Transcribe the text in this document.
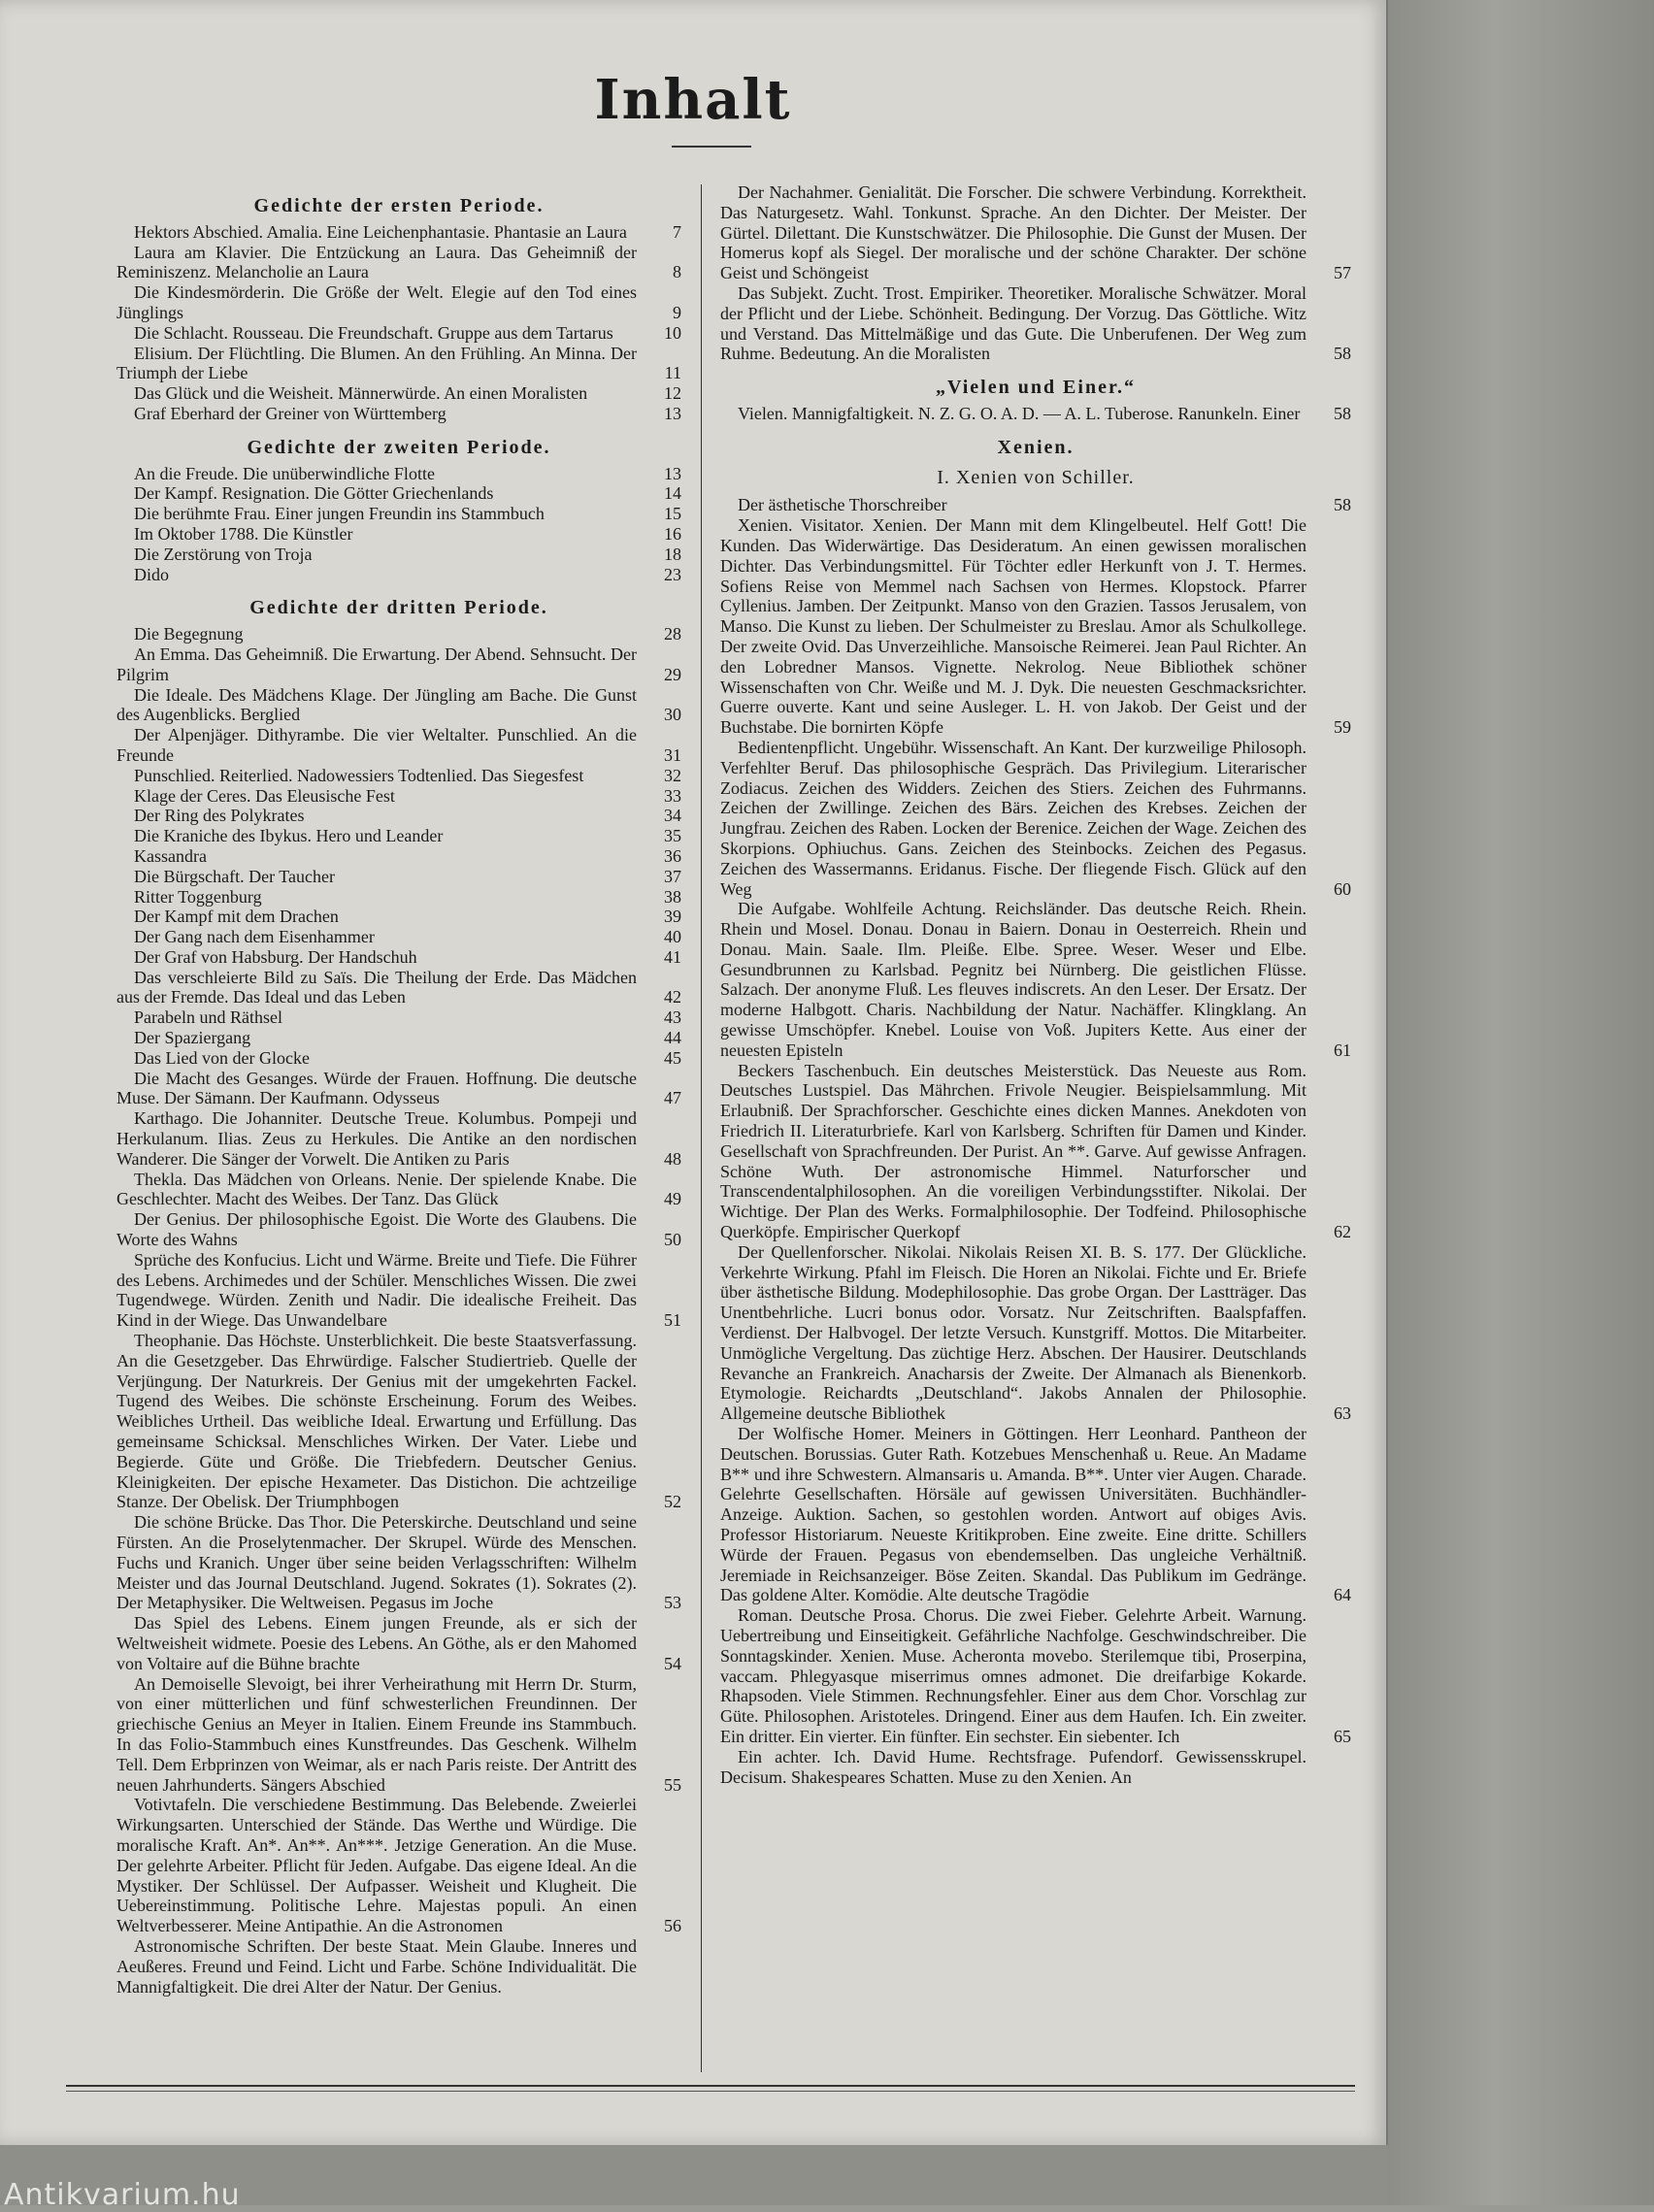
Inhalt
Gedichte der ersten Periode.
Hektors Abschied. Amalia. Eine Leichenphantasie. Phantasie an Laura	7
Laura am Klavier. Die Entzückung an Laura. Das Geheimniß der Reminiszenz. Melancholie an Laura	8
Die Kindesmörderin. Die Größe der Welt. Elegie auf den Tod eines Jünglings	9
Die Schlacht. Rousseau. Die Freundschaft. Gruppe aus dem Tartarus	10
Elisium. Der Flüchtling. Die Blumen. An den Frühling. An Minna. Der Triumph der Liebe	11
Das Glück und die Weisheit. Männerwürde. An einen Moralisten	12
Graf Eberhard der Greiner von Württemberg	13
Gedichte der zweiten Periode.
An die Freude. Die unüberwindliche Flotte	13
Der Kampf. Resignation. Die Götter Griechenlands	14
Die berühmte Frau. Einer jungen Freundin ins Stammbuch	15
Im Oktober 1788. Die Künstler	16
Die Zerstörung von Troja	18
Dido	23
Gedichte der dritten Periode.
Die Begegnung	28
An Emma. Das Geheimniß. Die Erwartung. Der Abend. Sehnsucht. Der Pilgrim	29
Die Ideale. Des Mädchens Klage. Der Jüngling am Bache. Die Gunst des Augenblicks. Berglied	30
Der Alpenjäger. Dithyrambe. Die vier Weltalter. Punschlied. An die Freunde	31
Punschlied. Reiterlied. Nadowessiers Todtenlied. Das Siegesfest	32
Klage der Ceres. Das Eleusische Fest	33
Der Ring des Polykrates	34
Die Kraniche des Ibykus. Hero und Leander	35
Kassandra	36
Die Bürgschaft. Der Taucher	37
Ritter Toggenburg	38
Der Kampf mit dem Drachen	39
Der Gang nach dem Eisenhammer	40
Der Graf von Habsburg. Der Handschuh	41
Das verschleierte Bild zu Saïs. Die Theilung der Erde. Das Mädchen aus der Fremde. Das Ideal und das Leben	42
Parabeln und Räthsel	43
Der Spaziergang	44
Das Lied von der Glocke	45
Die Macht des Gesanges. Würde der Frauen. Hoffnung. Die deutsche Muse. Der Sämann. Der Kaufmann. Odysseus	47
Karthago. Die Johanniter. Deutsche Treue. Kolumbus. Pompeji und Herkulanum. Ilias. Zeus zu Herkules. Die Antike an den nordischen Wanderer. Die Sänger der Vorwelt. Die Antiken zu Paris	48
Thekla. Das Mädchen von Orleans. Nenie. Der spielende Knabe. Die Geschlechter. Macht des Weibes. Der Tanz. Das Glück	49
Der Genius. Der philosophische Egoist. Die Worte des Glaubens. Die Worte des Wahns	50
Sprüche des Konfucius. Licht und Wärme. Breite und Tiefe. Die Führer des Lebens. Archimedes und der Schüler. Menschliches Wissen. Die zwei Tugendwege. Würden. Zenith und Nadir. Die idealische Freiheit. Das Kind in der Wiege. Das Unwandelbare	51
Theophanie. Das Höchste. Unsterblichkeit. Die beste Staatsverfassung. An die Gesetzgeber. Das Ehrwürdige. Falscher Studiertrieb. Quelle der Verjüngung. Der Naturkreis. Der Genius mit der umgekehrten Fackel. Tugend des Weibes. Die schönste Erscheinung. Forum des Weibes. Weibliches Urtheil. Das weibliche Ideal. Erwartung und Erfüllung. Das gemeinsame Schicksal. Menschliches Wirken. Der Vater. Liebe und Begierde. Güte und Größe. Die Triebfedern. Deutscher Genius. Kleinigkeiten. Der epische Hexameter. Das Distichon. Die achtzeilige Stanze. Der Obelisk. Der Triumphbogen	52
Die schöne Brücke. Das Thor. Die Peterskirche. Deutschland und seine Fürsten. An die Proselytenmacher. Der Skrupel. Würde des Menschen. Fuchs und Kranich. Unger über seine beiden Verlagsschriften: Wilhelm Meister und das Journal Deutschland. Jugend. Sokrates (1). Sokrates (2). Der Metaphysiker. Die Weltweisen. Pegasus im Joche	53
Das Spiel des Lebens. Einem jungen Freunde, als er sich der Weltweisheit widmete. Poesie des Lebens. An Göthe, als er den Mahomed von Voltaire auf die Bühne brachte	54
An Demoiselle Slevoigt, bei ihrer Verheirathung mit Herrn Dr. Sturm, von einer mütterlichen und fünf schwesterlichen Freundinnen. Der griechische Genius an Meyer in Italien. Einem Freunde ins Stammbuch. In das Folio-Stammbuch eines Kunstfreundes. Das Geschenk. Wilhelm Tell. Dem Erbprinzen von Weimar, als er nach Paris reiste. Der Antritt des neuen Jahrhunderts. Sängers Abschied	55
Votivtafeln. Die verschiedene Bestimmung. Das Belebende. Zweierlei Wirkungsarten. Unterschied der Stände. Das Werthe und Würdige. Die moralische Kraft. An*. An**. An***. Jetzige Generation. An die Muse. Der gelehrte Arbeiter. Pflicht für Jeden. Aufgabe. Das eigene Ideal. An die Mystiker. Der Schlüssel. Der Aufpasser. Weisheit und Klugheit. Die Uebereinstimmung. Politische Lehre. Majestas populi. An einen Weltverbesserer. Meine Antipathie. An die Astronomen	56
Astronomische Schriften. Der beste Staat. Mein Glaube. Inneres und Aeußeres. Freund und Feind. Licht und Farbe. Schöne Individualität. Die Mannigfaltigkeit. Die drei Alter der Natur. Der Genius.
Der Nachahmer. Genialität. Die Forscher. Die schwere Verbindung. Korrektheit. Das Naturgesetz. Wahl. Tonkunst. Sprache. An den Dichter. Der Meister. Der Gürtel. Dilettant. Die Kunstschwätzer. Die Philosophie. Die Gunst der Musen. Der Homerus kopf als Siegel. Der moralische und der schöne Charakter. Der schöne Geist und Schöngeist	57
Das Subjekt. Zucht. Trost. Empiriker. Theoretiker. Moralische Schwätzer. Moral der Pflicht und der Liebe. Schönheit. Bedingung. Der Vorzug. Das Göttliche. Witz und Verstand. Das Mittelmäßige und das Gute. Die Unberufenen. Der Weg zum Ruhme. Bedeutung. An die Moralisten	58
„Vielen und Einer.“
Vielen. Mannigfaltigkeit. N. Z. G. O. A. D. — A. L. Tuberose. Ranunkeln. Einer	58
Xenien.
I. Xenien von Schiller.
Der ästhetische Thorschreiber	58
Xenien. Visitator. Xenien. Der Mann mit dem Klingelbeutel. Helf Gott! Die Kunden. Das Widerwärtige. Das Desideratum. An einen gewissen moralischen Dichter. Das Verbindungsmittel. Für Töchter edler Herkunft von J. T. Hermes. Sofiens Reise von Memmel nach Sachsen von Hermes. Klopstock. Pfarrer Cyllenius. Jamben. Der Zeitpunkt. Manso von den Grazien. Tassos Jerusalem, von Manso. Die Kunst zu lieben. Der Schulmeister zu Breslau. Amor als Schulkollege. Der zweite Ovid. Das Unverzeihliche. Mansoische Reimerei. Jean Paul Richter. An den Lobredner Mansos. Vignette. Nekrolog. Neue Bibliothek schöner Wissenschaften von Chr. Weiße und M. J. Dyk. Die neuesten Geschmacksrichter. Guerre ouverte. Kant und seine Ausleger. L. H. von Jakob. Der Geist und der Buchstabe. Die bornirten Köpfe	59
Bedientenpflicht. Ungebühr. Wissenschaft. An Kant. Der kurzweilige Philosoph. Verfehlter Beruf. Das philosophische Gespräch. Das Privilegium. Literarischer Zodiacus. Zeichen des Widders. Zeichen des Stiers. Zeichen des Fuhrmanns. Zeichen der Zwillinge. Zeichen des Bärs. Zeichen des Krebses. Zeichen der Jungfrau. Zeichen des Raben. Locken der Berenice. Zeichen der Wage. Zeichen des Skorpions. Ophiuchus. Gans. Zeichen des Steinbocks. Zeichen des Pegasus. Zeichen des Wassermanns. Eridanus. Fische. Der fliegende Fisch. Glück auf den Weg	60
Die Aufgabe. Wohlfeile Achtung. Reichsländer. Das deutsche Reich. Rhein. Rhein und Mosel. Donau. Donau in Baiern. Donau in Oesterreich. Rhein und Donau. Main. Saale. Ilm. Pleiße. Elbe. Spree. Weser. Weser und Elbe. Gesundbrunnen zu Karlsbad. Pegnitz bei Nürnberg. Die geistlichen Flüsse. Salzach. Der anonyme Fluß. Les fleuves indiscrets. An den Leser. Der Ersatz. Der moderne Halbgott. Charis. Nachbildung der Natur. Nachäffer. Klingklang. An gewisse Umschöpfer. Knebel. Louise von Voß. Jupiters Kette. Aus einer der neuesten Episteln	61
Beckers Taschenbuch. Ein deutsches Meisterstück. Das Neueste aus Rom. Deutsches Lustspiel. Das Mährchen. Frivole Neugier. Beispielsammlung. Mit Erlaubniß. Der Sprachforscher. Geschichte eines dicken Mannes. Anekdoten von Friedrich II. Literaturbriefe. Karl von Karlsberg. Schriften für Damen und Kinder. Gesellschaft von Sprachfreunden. Der Purist. An **. Garve. Auf gewisse Anfragen. Schöne Wuth. Der astronomische Himmel. Naturforscher und Transcendentalphilosophen. An die voreiligen Verbindungsstifter. Nikolai. Der Wichtige. Der Plan des Werks. Formalphilosophie. Der Todfeind. Philosophische Querköpfe. Empirischer Querkopf	62
Der Quellenforscher. Nikolai. Nikolais Reisen XI. B. S. 177. Der Glückliche. Verkehrte Wirkung. Pfahl im Fleisch. Die Horen an Nikolai. Fichte und Er. Briefe über ästhetische Bildung. Modephilosophie. Das grobe Organ. Der Lastträger. Das Unentbehrliche. Lucri bonus odor. Vorsatz. Nur Zeitschriften. Baalspfaffen. Verdienst. Der Halbvogel. Der letzte Versuch. Kunstgriff. Mottos. Die Mitarbeiter. Unmögliche Vergeltung. Das züchtige Herz. Abschen. Der Hausirer. Deutschlands Revanche an Frankreich. Anacharsis der Zweite. Der Almanach als Bienenkorb. Etymologie. Reichardts „Deutschland“. Jakobs Annalen der Philosophie. Allgemeine deutsche Bibliothek	63
Der Wolfische Homer. Meiners in Göttingen. Herr Leonhard. Pantheon der Deutschen. Borussias. Guter Rath. Kotzebues Menschenhaß u. Reue. An Madame B** und ihre Schwestern. Almansaris u. Amanda. B**. Unter vier Augen. Charade. Gelehrte Gesellschaften. Hörsäle auf gewissen Universitäten. Buchhändler-Anzeige. Auktion. Sachen, so gestohlen worden. Antwort auf obiges Avis. Professor Historiarum. Neueste Kritikproben. Eine zweite. Eine dritte. Schillers Würde der Frauen. Pegasus von ebendemselben. Das ungleiche Verhältniß. Jeremiade in Reichsanzeiger. Böse Zeiten. Skandal. Das Publikum im Gedränge. Das goldene Alter. Komödie. Alte deutsche Tragödie	64
Roman. Deutsche Prosa. Chorus. Die zwei Fieber. Gelehrte Arbeit. Warnung. Uebertreibung und Einseitigkeit. Gefährliche Nachfolge. Geschwindschreiber. Die Sonntagskinder. Xenien. Muse. Acheronta movebo. Sterilemque tibi, Proserpina, vaccam. Phlegyasque miserrimus omnes admonet. Die dreifarbige Kokarde. Rhapsoden. Viele Stimmen. Rechnungsfehler. Einer aus dem Chor. Vorschlag zur Güte. Philosophen. Aristoteles. Dringend. Einer aus dem Haufen. Ich. Ein zweiter. Ein dritter. Ein vierter. Ein fünfter. Ein sechster. Ein siebenter. Ich	65
Ein achter. Ich. David Hume. Rechtsfrage. Pufendorf. Gewissensskrupel. Decisum. Shakespeares Schatten. Muse zu den Xenien. An
Antikvarium.hu
